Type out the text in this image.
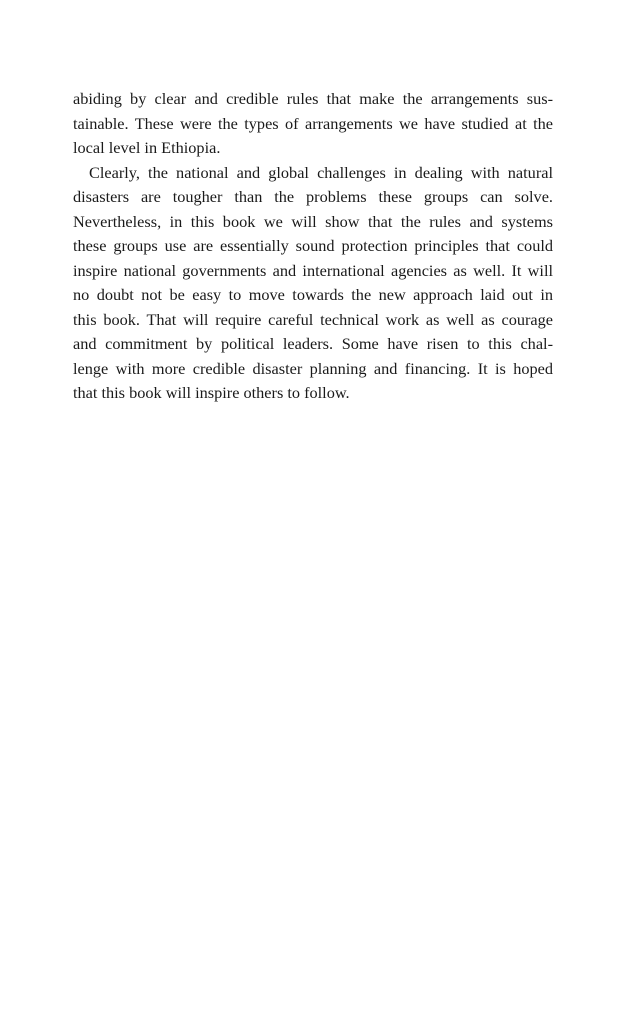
abiding by clear and credible rules that make the arrangements sus-
tainable. These were the types of arrangements we have studied at the
local level in Ethiopia.
Clearly, the national and global challenges in dealing with natural
disasters are tougher than the problems these groups can solve.
Nevertheless, in this book we will show that the rules and systems
these groups use are essentially sound protection principles that could
inspire national governments and international agencies as well. It will
no doubt not be easy to move towards the new approach laid out in
this book. That will require careful technical work as well as courage
and commitment by political leaders. Some have risen to this chal-
lenge with more credible disaster planning and financing. It is hoped
that this book will inspire others to follow.
